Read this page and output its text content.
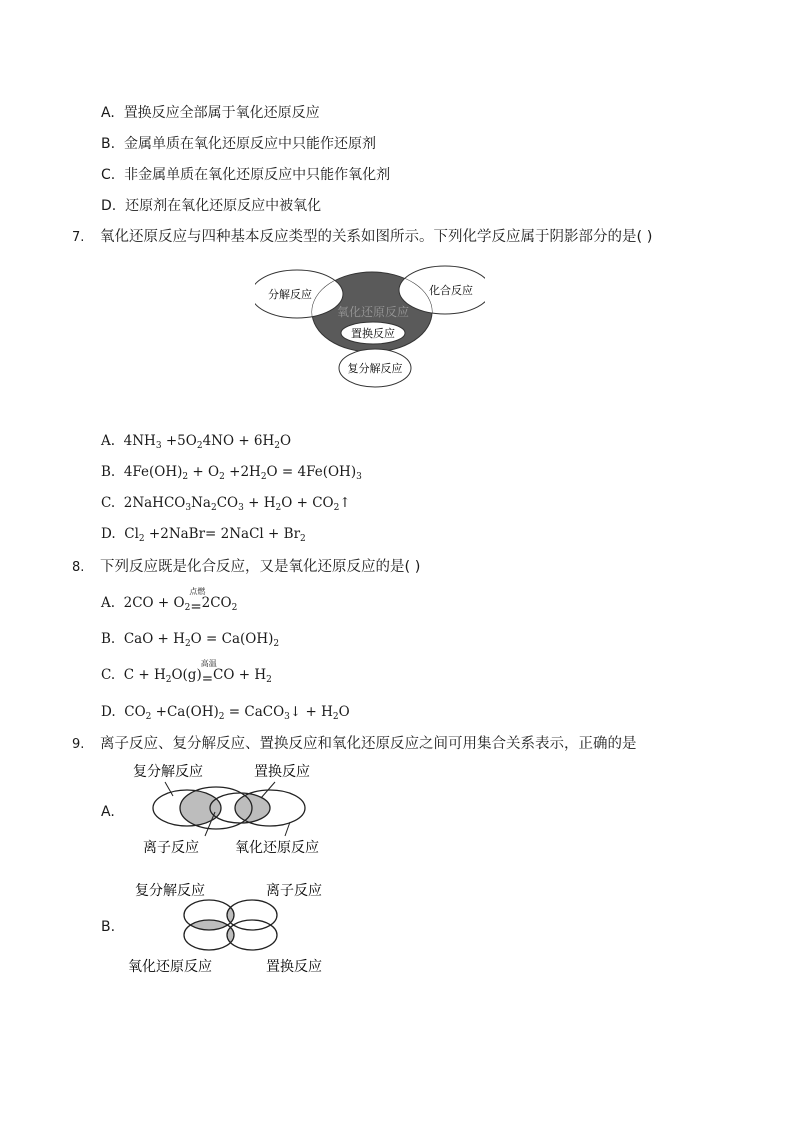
A. 置换反应全部属于氧化还原反应
B. 金属单质在氧化还原反应中只能作还原剂
C. 非金属单质在氧化还原反应中只能作氧化剂
D. 还原剂在氧化还原反应中被氧化
7. 氧化还原反应与四种基本反应类型的关系如图所示。下列化学反应属于阴影部分的是( )
氧化还原反应
置换反应
分解反应	化合反应
复分解反应
A. $4NH_3 +5O_24NO + 6H_2O$
B. $4Fe(OH)_2 + O_2 +2H_2O = 4Fe(OH)_3$
C. $2NaHCO_3Na_2CO_3 + H_2O$ + $CO_2↑$
D. $Cl_2$ +2NaBr= 2NaCl + $Br_2$
8. 下列反应既是化合反应，又是氧化还原反应的是( )
A. $2CO + O_2$
点燃
$=2CO_2$
B. CaO + $H_2O = Ca(OH)_2$
C. $C + H_2O(g)$
高温
$=CO + H_2$
D. $CO_2 +Ca(OH)_2$ = CaCO$_3$↓ + $H_2O$
9. 离子反应、复分解反应、置换反应和氧化还原反应之间可用集合关系表示，正确的是
A.
复分解反应	置换反应
离子反应	氧化还原反应
B.
复分解反应	离子反应
氧化还原反应	置换反应
